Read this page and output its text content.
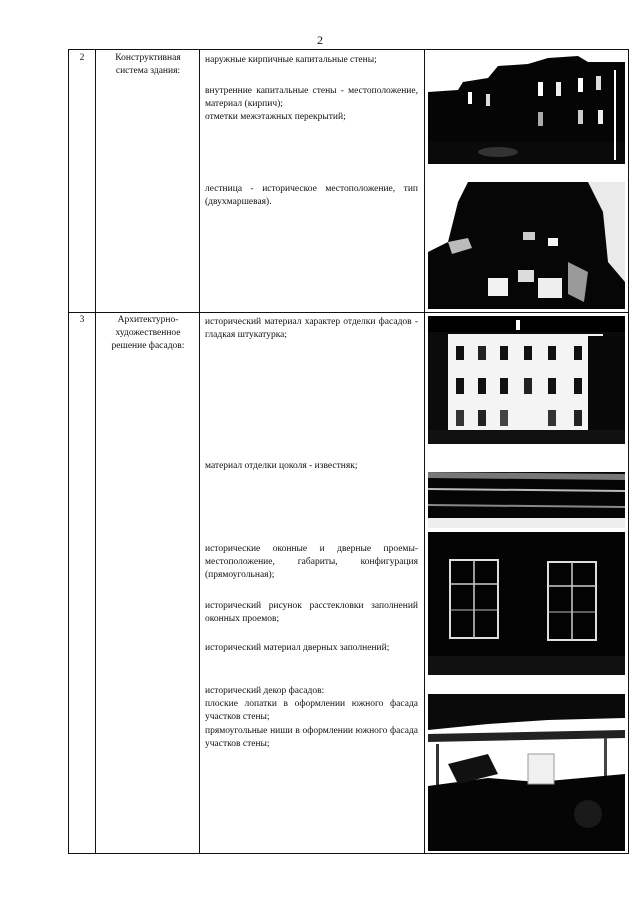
2
2	Конструктивная система здания:
наружные кирпичные капитальные стены;
внутренние капитальные стены - местоположение, материал (кирпич);
отметки межэтажных перекрытий;
лестница - историческое местоположение, тип (двухмаршевая).
3	Архитектурно-художественное решение фасадов:
исторический материал характер отделки фасадов - гладкая штукатурка;
материал отделки цоколя - известняк;
исторические оконные и дверные проемы-местоположение, габариты, конфигурация (прямоугольная);
исторический рисунок расстекловки заполнений оконных проемов;
исторический материал дверных заполнений;
исторический декор фасадов:
плоские лопатки в оформлении южного фасада участков стены;
прямоугольные ниши в оформлении южного фасада участков стены;
